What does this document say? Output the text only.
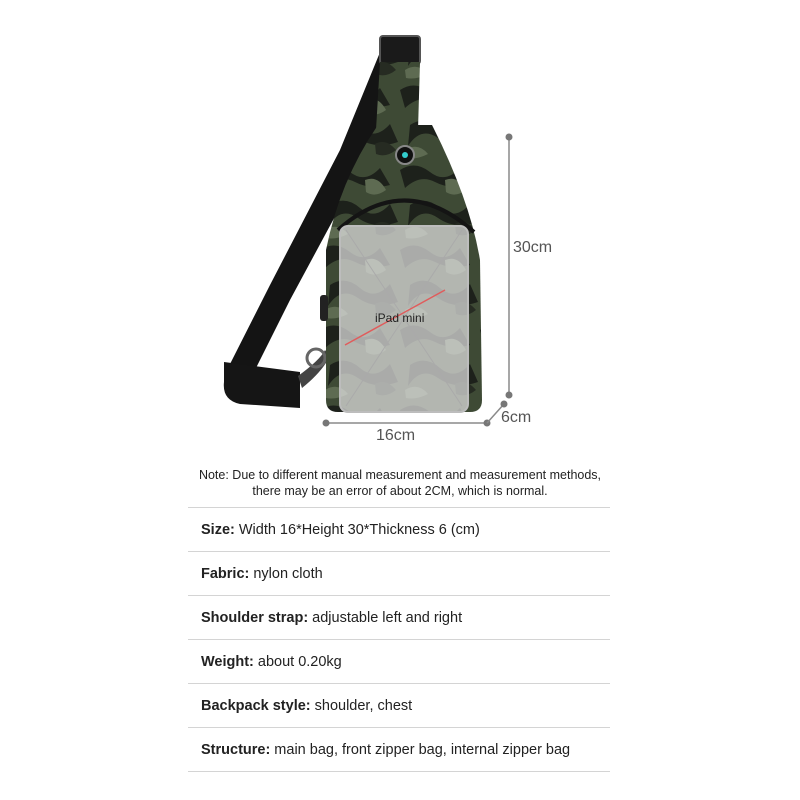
30cm
16cm
6cm
iPad mini
Note: Due to different manual measurement and measurement methods, there may be an error of about 2CM, which is normal.
Size: Width 16*Height 30*Thickness 6 (cm)
Fabric: nylon cloth
Shoulder strap: adjustable left and right
Weight: about 0.20kg
Backpack style: shoulder, chest
Structure: main bag, front zipper bag, internal zipper bag
